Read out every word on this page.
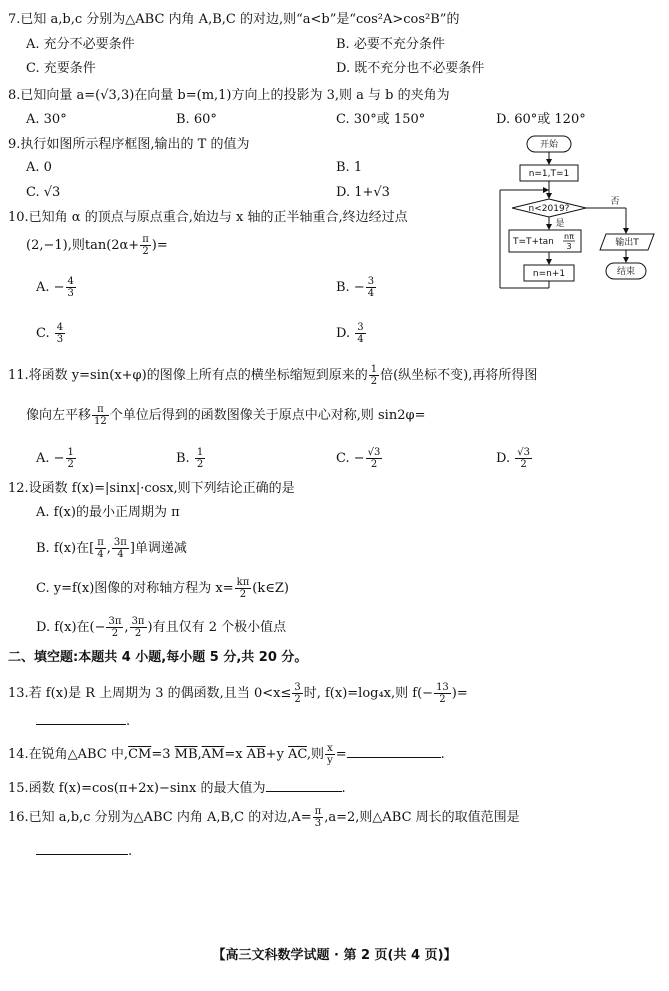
7.已知 a,b,c 分别为△ABC 内角 A,B,C 的对边,则“a<b”是“cos²A>cos²B”的
A. 充分不必要条件	B. 必要不充分条件
C. 充要条件	D. 既不充分也不必要条件
8.已知向量 a=(√3,3)在向量 b=(m,1)方向上的投影为 3,则 a 与 b 的夹角为
A. 30°	B. 60°	C. 30°或 150°	D. 60°或 120°
9.执行如图所示程序框图,输出的 T 的值为
A. 0	B. 1
C. √3	D. 1+√3
开始
n=1,T=1
n<2019?
否
是
T=T+tan
nπ
3
n=n+1
输出T
结束
10.已知角 α 的顶点与原点重合,始边与 x 轴的正半轴重合,终边经过点
(2,−1),则$\tan(2\alpha+ \frac{\pi}{2}$ )=
A. − $\frac{4}{3}$	B. − $\frac{3}{4}$
C. $\frac{4}{3}$	D. $\frac{3}{4}$
11.将函数 y=sin(x+φ)的图像上所有点的横坐标缩短到原来的 $\frac{1}{2}$ 倍(纵坐标不变),再将所得图
像向左平移 $\frac{\pi}{12}$ 个单位后得到的函数图像关于原点中心对称,则 sin2φ=
A. − $\frac{1}{2}$	B. $\frac{1}{2}$	C. − $\frac{√3}{2}$	D. $\frac{√3}{2}$
12.设函数 f(x)=|sinx|·cosx,则下列结论正确的是
A. f(x)的最小正周期为 π
B. f(x)在[ $\frac{\pi}{4}$ , $\frac{3\pi}{4}$ ]单调递减
C. y=f(x)图像的对称轴方程为 $x= \frac{k\pi}{2}$ (k∈Z)
D. f(x)在(− $\frac{3\pi}{2}$ , $\frac{3\pi}{2}$ )有且仅有 2 个极小值点
二、填空题:本题共 4 小题,每小题 5 分,共 20 分。
13.若 f(x)是 R 上周期为 3 的偶函数,且当 $0<x\le \frac{3}{2}$ 时, f(x)=log₄x,则 $f(- \frac{13}{2}$ )=
.
14.在锐角△ABC 中$,\overline{CM}=3$ $\overline{MB},\overline{AM}=x$ $\overline{AB}+y$ $\overline{AC}$,则 $\frac{x}{y}$ =	.
15.函数 f(x)=cos(π+2x)−sinx 的最大值为	.
16.已知 a,b,c 分别为△ABC 内角 A,B,C 的对边$,A= \frac{\pi}{3} ,a=2$,则△ABC 周长的取值范围是
.
【高三文科数学试题 · 第 2 页(共 4 页)】
